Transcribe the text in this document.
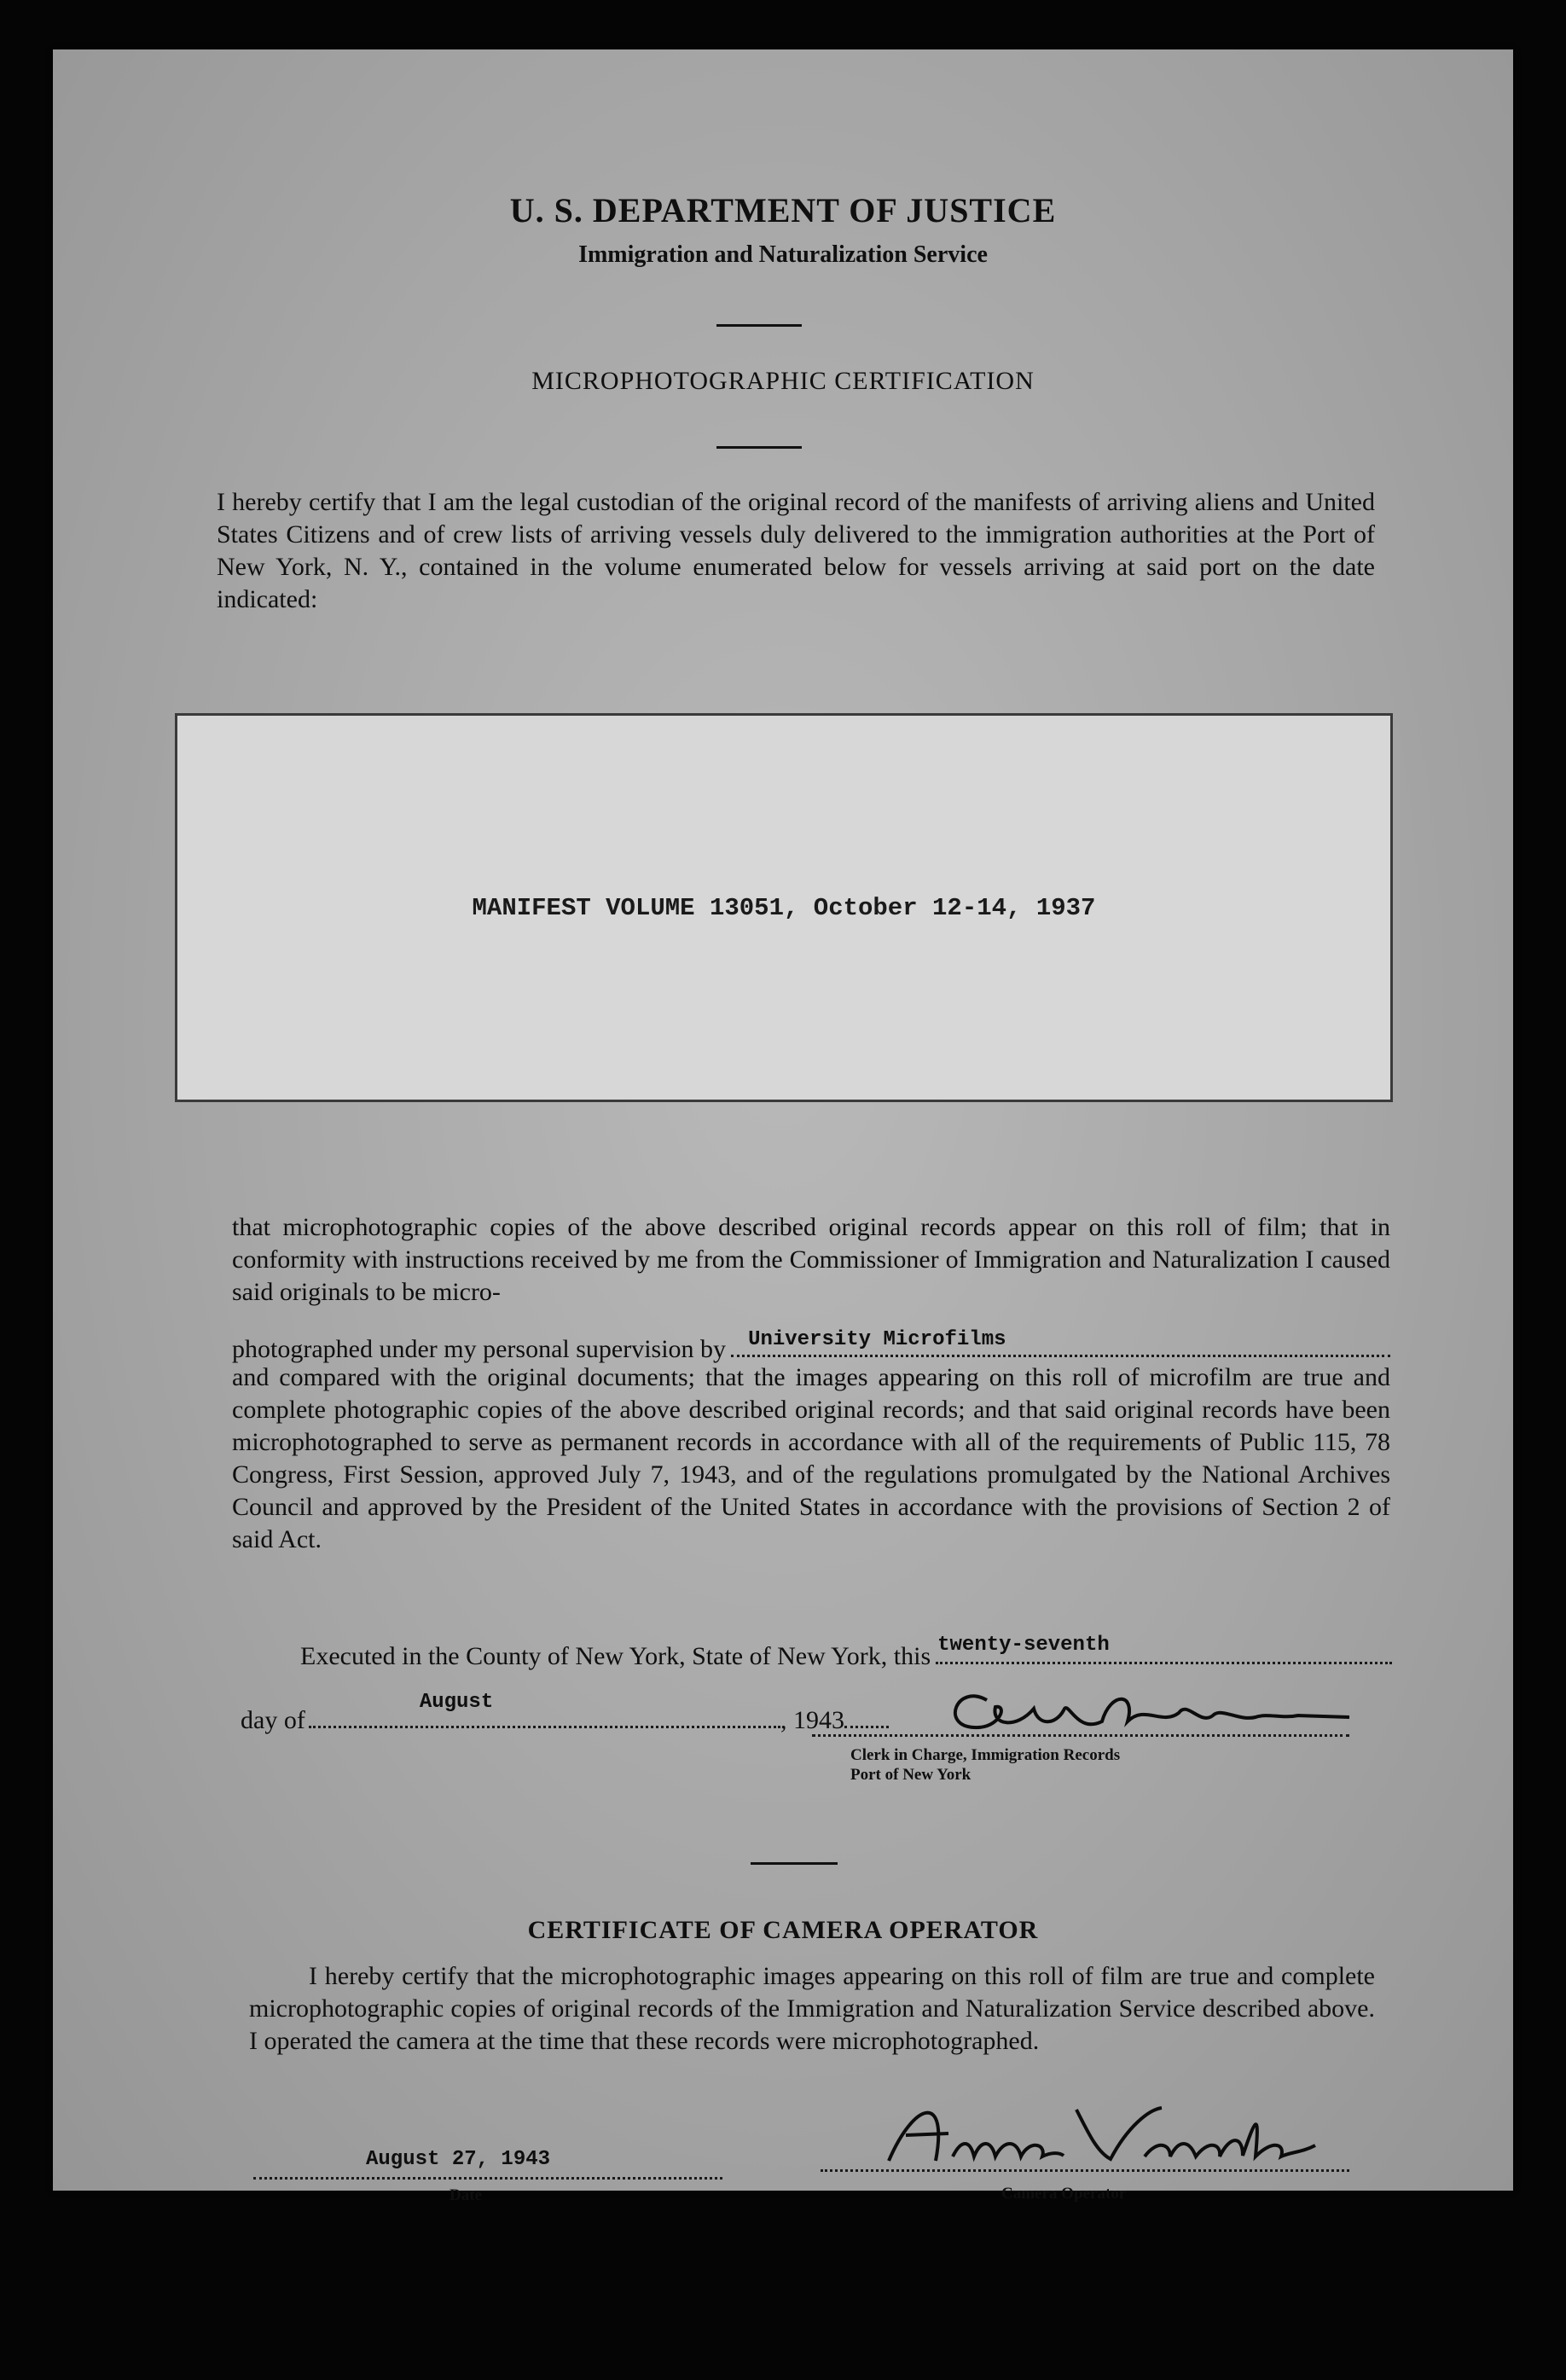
U. S. DEPARTMENT OF JUSTICE
Immigration and Naturalization Service
MICROPHOTOGRAPHIC CERTIFICATION
I hereby certify that I am the legal custodian of the original record of the manifests of arriving aliens and United States Citizens and of crew lists of arriving vessels duly delivered to the immigration authorities at the Port of New York, N. Y., contained in the volume enumerated below for vessels arriving at said port on the date indicated:
MANIFEST VOLUME 13051, October 12-14, 1937
that microphotographic copies of the above described original records appear on this roll of film; that in conformity with instructions received by me from the Commissioner of Immigration and Naturalization I caused said originals to be micro-
photographed under my personal supervision by University Microfilms
and compared with the original documents; that the images appearing on this roll of microfilm are true and complete photographic copies of the above described original records; and that said original records have been microphotographed to serve as permanent records in accordance with all of the requirements of Public 115, 78 Congress, First Session, approved July 7, 1943, and of the regulations promulgated by the National Archives Council and approved by the President of the United States in accordance with the provisions of Section 2 of said Act.
Executed in the County of New York, State of New York, this twenty-seventh
day of
August
, 1943
Clerk in Charge, Immigration Records
Port of New York
CERTIFICATE OF CAMERA OPERATOR
I hereby certify that the microphotographic images appearing on this roll of film are true and complete microphotographic copies of original records of the Immigration and Naturalization Service described above. I operated the camera at the time that these records were microphotographed.
August 27, 1943
Date	Camera Operator
